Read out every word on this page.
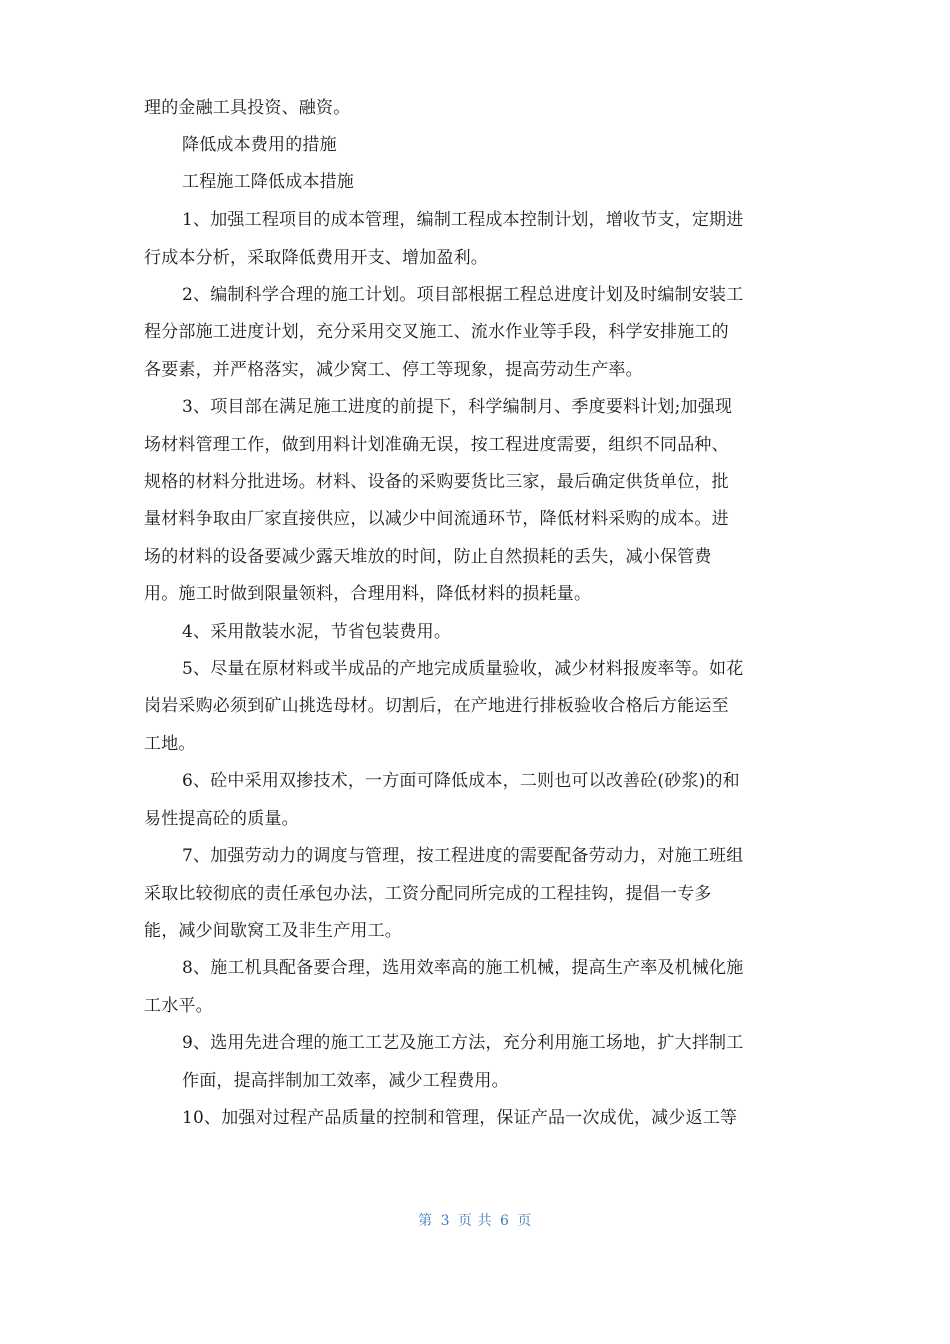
理的金融工具投资、融资。
降低成本费用的措施
工程施工降低成本措施
1、加强工程项目的成本管理，编制工程成本控制计划，增收节支，定期进
行成本分析，采取降低费用开支、增加盈利。
2、编制科学合理的施工计划。项目部根据工程总进度计划及时编制安装工
程分部施工进度计划，充分采用交叉施工、流水作业等手段，科学安排施工的
各要素，并严格落实，减少窝工、停工等现象，提高劳动生产率。
3、项目部在满足施工进度的前提下，科学编制月、季度要料计划;加强现
场材料管理工作，做到用料计划准确无误，按工程进度需要，组织不同品种、
规格的材料分批进场。材料、设备的采购要货比三家，最后确定供货单位，批
量材料争取由厂家直接供应，以减少中间流通环节，降低材料采购的成本。进
场的材料的设备要减少露天堆放的时间，防止自然损耗的丢失，减小保管费
用。施工时做到限量领料，合理用料，降低材料的损耗量。
4、采用散装水泥，节省包装费用。
5、尽量在原材料或半成品的产地完成质量验收，减少材料报废率等。如花
岗岩采购必须到矿山挑选母材。切割后，在产地进行排板验收合格后方能运至
工地。
6、砼中采用双掺技术，一方面可降低成本，二则也可以改善砼(砂浆)的和
易性提高砼的质量。
7、加强劳动力的调度与管理，按工程进度的需要配备劳动力，对施工班组
采取比较彻底的责任承包办法，工资分配同所完成的工程挂钩，提倡一专多
能，减少间歇窝工及非生产用工。
8、施工机具配备要合理，选用效率高的施工机械，提高生产率及机械化施
工水平。
9、选用先进合理的施工工艺及施工方法，充分利用施工场地，扩大拌制工
作面，提高拌制加工效率，减少工程费用。
10、加强对过程产品质量的控制和管理，保证产品一次成优，减少返工等
第 3 页 共 6 页
